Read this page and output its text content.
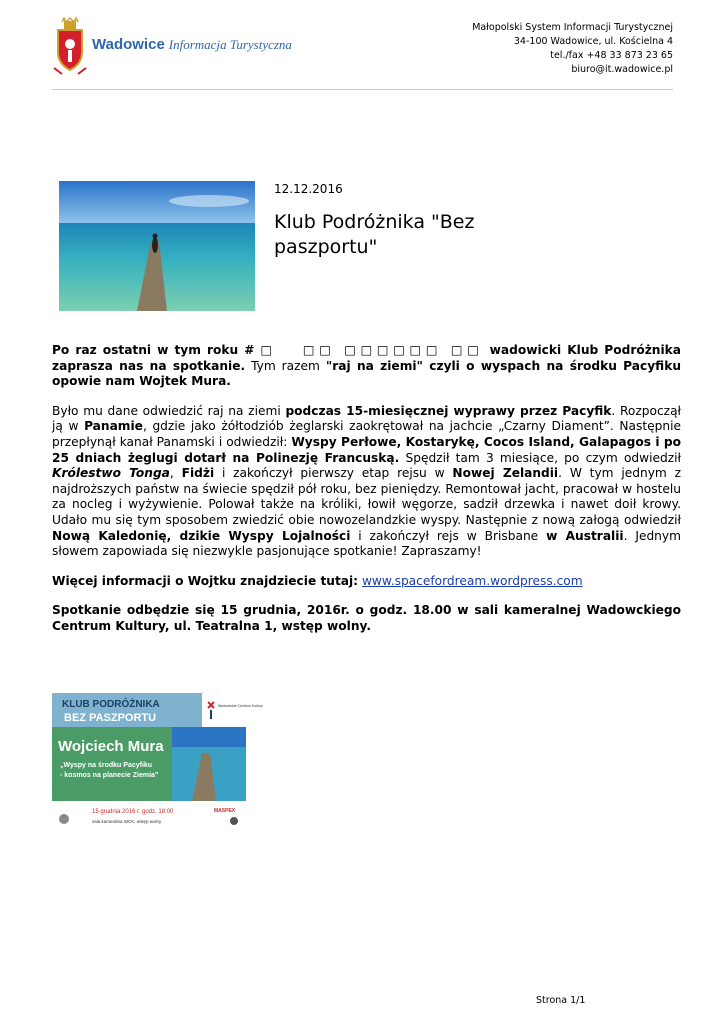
Wadowice Informacja Turystyczna
Małopolski System Informacji Turystycznej
34-100 Wadowice, ul. Kościelna 4
tel./fax +48 33 873 23 65
biuro@it.wadowice.pl
12.12.2016
Klub Podróżnika "Bez paszportu"

Po raz ostatni w tym roku # □   □□ □□□□□□ □□ wadowicki Klub Podróżnika zaprasza nas na spotkanie. Tym razem "raj na ziemi" czyli o wyspach na środku Pacyfiku opowie nam Wojtek Mura.

Było mu dane odwiedzić raj na ziemi podczas 15-miesięcznej wyprawy przez Pacyfik. Rozpoczął ją w Panamie, gdzie jako żółtodziób żeglarski zaokrętował na jachcie „Czarny Diament”. Następnie przepłynął kanał Panamski i odwiedził: Wyspy Perłowe, Kostarykę, Cocos Island, Galapagos i po 25 dniach żeglugi dotarł na Polinezję Francuską. Spędził tam 3 miesiące, po czym odwiedził Królestwo Tonga, Fidżi i zakończył pierwszy etap rejsu w Nowej Zelandii. W tym jednym z najdroższych państw na świecie spędził pół roku, bez pieniędzy. Remontował jacht, pracował w hostelu za nocleg i wyżywienie. Polował także na króliki, łowił węgorze, sadził drzewka i nawet doił krowy. Udało mu się tym sposobem zwiedzić obie nowozelandzkie wyspy. Następnie z nową załogą odwiedził Nową Kaledonię, dzikie Wyspy Lojalności i zakończył rejs w Brisbane w Australii. Jednym słowem zapowiada się niezwykle pasjonujące spotkanie! Zapraszamy!

Więcej informacji o Wojtku znajdziecie tutaj: www.spacefordream.wordpress.com

Spotkanie odbędzie się 15 grudnia, 2016r. o godz. 18.00 w sali kameralnej Wadowckiego Centrum Kultury, ul. Teatralna 1, wstęp wolny.

KLUB PODRÓŻNIKA
BEZ PASZPORTU
Wadowickie Centrum Kultury
Wojciech Mura
„Wyspy na środku Pacyfiku
- kosmos na planecie Ziemia”
15 grudnia 2016 r. godz. 18:00
sala kameralna WCK, wstęp wolny
MASPEX
Strona 1/1
